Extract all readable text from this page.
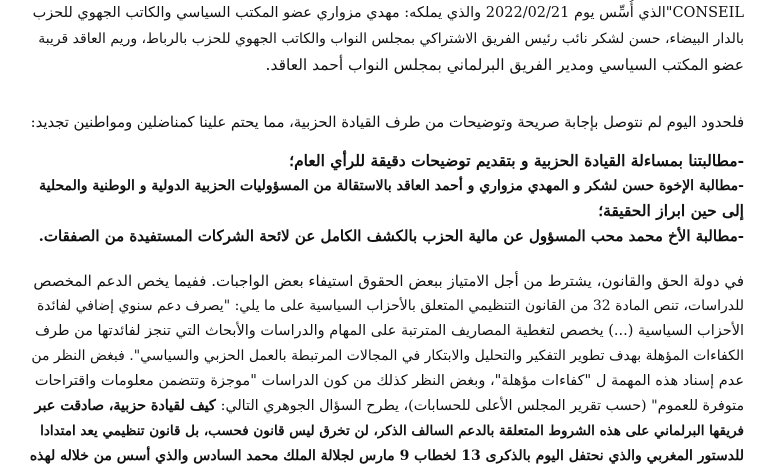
CONSEIL"الذي أُسِّس يوم 2022/02/21 والذي يملكه: مهدي مزواري عضو المكتب السياسي والكاتب الجهوي للحزب
بالدار البيضاء، حسن لشكر نائب رئيس الفريق الاشتراكي بمجلس النواب والكاتب الجهوي للحزب بالرباط، وريم العاقد قريبة
عضو المكتب السياسي ومدير الفريق البرلماني بمجلس النواب أحمد العاقد.
فلحدود اليوم لم نتوصل بإجابة صريحة وتوضيحات من طرف القيادة الحزبية، مما يحتم علينا كمناضلين ومواطنين تجديد:
-مطالبتنا بمساءلة القيادة الحزبية و بتقديم توضيحات دقيقة للرأي العام؛
-مطالبة الإخوة حسن لشكر و المهدي مزواري و أحمد العاقد بالاستقالة من المسؤوليات الحزبية الدولية و الوطنية والمحلية
إلى حين ابراز الحقيقة؛
-مطالبة الأخ محمد محب المسؤول عن مالية الحزب بالكشف الكامل عن لائحة الشركات المستفيدة من الصفقات.
في دولة الحق والقانون، يشترط من أجل الامتياز ببعض الحقوق استيفاء بعض الواجبات. ففيما يخص الدعم المخصص
للدراسات، تنص المادة 32 من القانون التنظيمي المتعلق بالأحزاب السياسية على ما يلي: "يصرف دعم سنوي إضافي لفائدة
الأحزاب السياسية (...) يخصص لتغطية المصاريف المترتبة على المهام والدراسات والأبحاث التي تنجز لفائدتها من طرف
الكفاءات المؤهلة بهدف تطوير التفكير والتحليل والابتكار في المجالات المرتبطة بالعمل الحزبي والسياسي". فبغض النظر من
عدم إسناد هذه المهمة ل "كفاءات مؤهلة"، وبغض النظر كذلك من كون الدراسات "موجزة وتتضمن معلومات واقتراحات
متوفرة للعموم" (حسب تقرير المجلس الأعلى للحسابات)، يطرح السؤال الجوهري التالي: كيف لقيادة حزبية، صادقت عبر
فريقها البرلماني على هذه الشروط المتعلقة بالدعم السالف الذكر، لن تخرق ليس قانون فحسب، بل قانون تنظيمي يعد امتدادا
للدستور المغربي والذي نحتفل اليوم بالذكرى 13 لخطاب 9 مارس لجلالة الملك محمد السادس والذي أسس من خلاله لهذه
